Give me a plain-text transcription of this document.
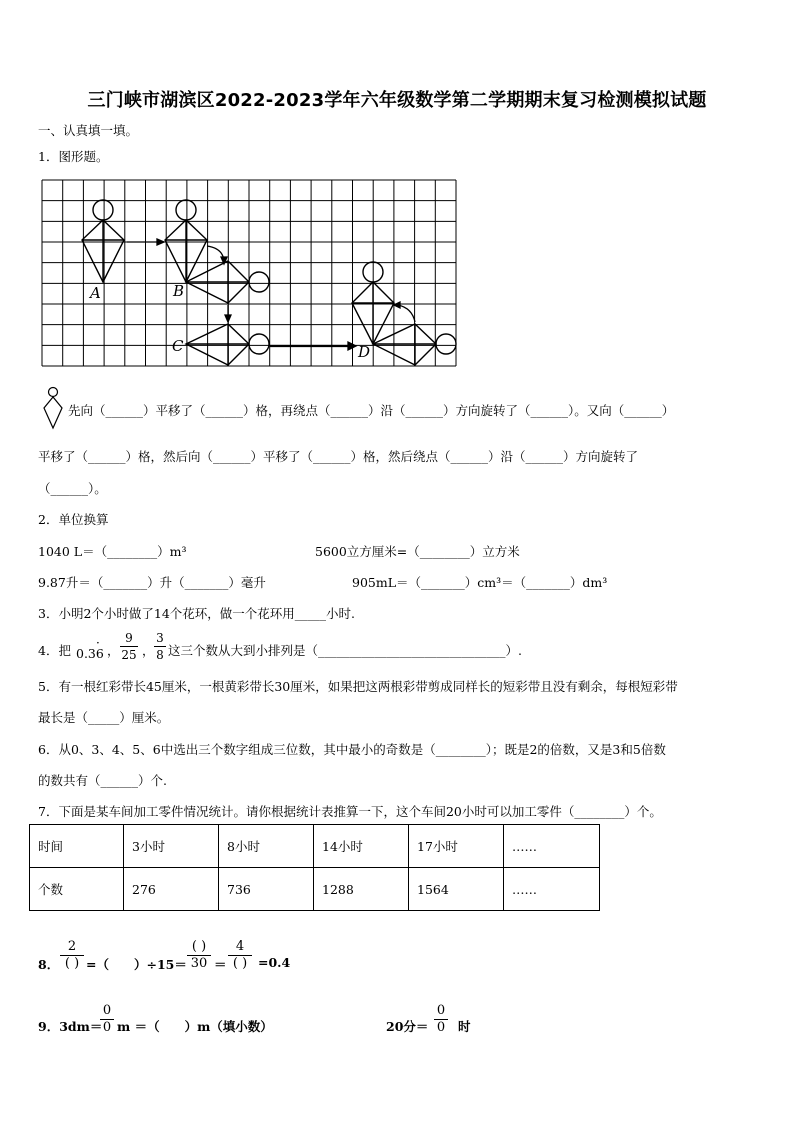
三门峡市湖滨区2022-2023学年六年级数学第二学期期末复习检测模拟试题
一、认真填一填。
1．图形题。
A	B
C	D
先向（______）平移了（______）格，再绕点（______）沿（______）方向旋转了（______）。又向（______）
平移了（______）格，然后向（______）平移了（______）格，然后绕点（______）沿（______）方向旋转了
（______）。
2．单位换算
1040 L＝（________）m³	5600立方厘米=（________）立方米
9.87升＝（_______）升（_______）毫升	905mL＝（_______）cm³＝（_______）dm³
3．小明2个小时做了14个花环，做一个花环用_____小时.
4．把 0.36
· ，
9
25 ，
3
8 这三个数从大到小排列是（______________________________）.
5．有一根红彩带长45厘米，一根黄彩带长30厘米，如果把这两根彩带剪成同样长的短彩带且没有剩余，每根短彩带
最长是（_____）厘米。
6．从0、3、4、5、6中选出三个数字组成三位数，其中最小的奇数是（________）；既是2的倍数，又是3和5倍数
的数共有（______）个.
7．下面是某车间加工零件情况统计。请你根据统计表推算一下，这个车间20小时可以加工零件（________）个。
时间	3小时	8小时	14小时	17小时	……
个数	276	736	1288	1564	……
8．
2
( ) =（　　）÷15＝
( )
30 ＝
4
( ) =0.4
9．3dm＝
0
0 m ＝（　　）m（填小数）	20分＝
0
0 时
